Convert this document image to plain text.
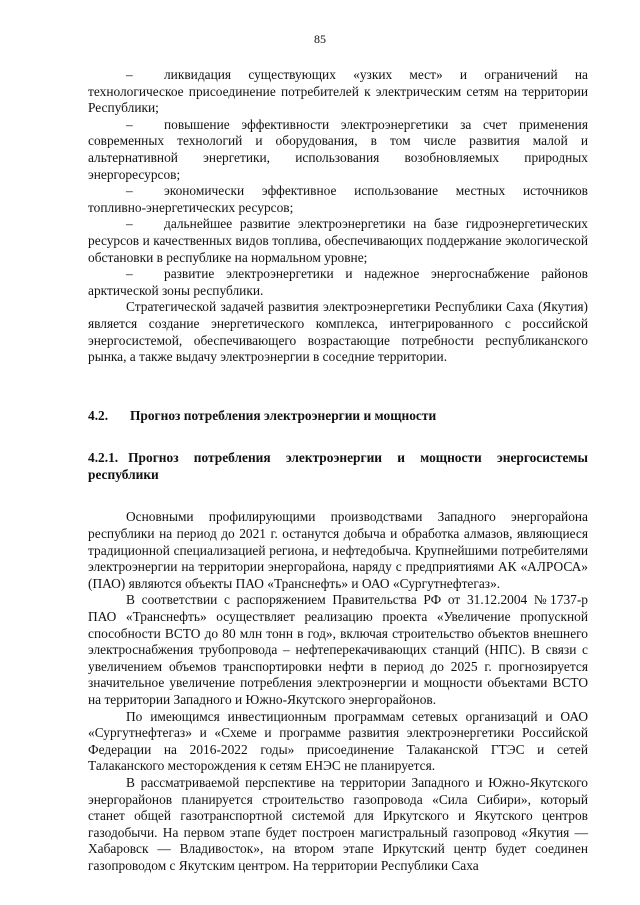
85

– ликвидация существующих «узких мест» и ограничений на технологическое присоединение потребителей к электрическим сетям на территории Республики;

– повышение эффективности электроэнергетики за счет применения современных технологий и оборудования, в том числе развития малой и альтернативной энергетики, использования возобновляемых природных энергоресурсов;

– экономически эффективное использование местных источников топливно-энергетических ресурсов;

– дальнейшее развитие электроэнергетики на базе гидроэнергетических ресурсов и качественных видов топлива, обеспечивающих поддержание экологической обстановки в республике на нормальном уровне;

– развитие электроэнергетики и надежное энергоснабжение районов арктической зоны республики.

Стратегической задачей развития электроэнергетики Республики Саха (Якутия) является создание энергетического комплекса, интегрированного с российской энергосистемой, обеспечивающего возрастающие потребности республиканского рынка, а также выдачу электроэнергии в соседние территории.

4.2. Прогноз потребления электроэнергии и мощности
4.2.1. Прогноз потребления электроэнергии и мощности энергосистемы республики

Основными профилирующими производствами Западного энергорайона республики на период до 2021 г. останутся добыча и обработка алмазов, являющиеся традиционной специализацией региона, и нефтедобыча. Крупнейшими потребителями электроэнергии на территории энергорайона, наряду с предприятиями АК «АЛРОСА» (ПАО) являются объекты ПАО «Транснефть» и ОАО «Сургутнефтегаз».

В соответствии с распоряжением Правительства РФ от 31.12.2004 №1737-р ПАО «Транснефть» осуществляет реализацию проекта «Увеличение пропускной способности ВСТО до 80 млн тонн в год», включая строительство объектов внешнего электроснабжения трубопровода – нефтеперекачивающих станций (НПС). В связи с увеличением объемов транспортировки нефти в период до 2025 г. прогнозируется значительное увеличение потребления электроэнергии и мощности объектами ВСТО на территории Западного и Южно-Якутского энергорайонов.

По имеющимся инвестиционным программам сетевых организаций и ОАО «Сургутнефтегаз» и «Схеме и программе развития электроэнергетики Российской Федерации на 2016-2022 годы» присоединение Талаканской ГТЭС и сетей Талаканского месторождения к сетям ЕНЭС не планируется.

В рассматриваемой перспективе на территории Западного и Южно-Якутского энергорайонов планируется строительство газопровода «Сила Сибири», который станет общей газотранспортной системой для Иркутского и Якутского центров газодобычи. На первом этапе будет построен магистральный газопровод «Якутия — Хабаровск — Владивосток», на втором этапе Иркутский центр будет соединен газопроводом с Якутским центром. На территории Республики Саха
